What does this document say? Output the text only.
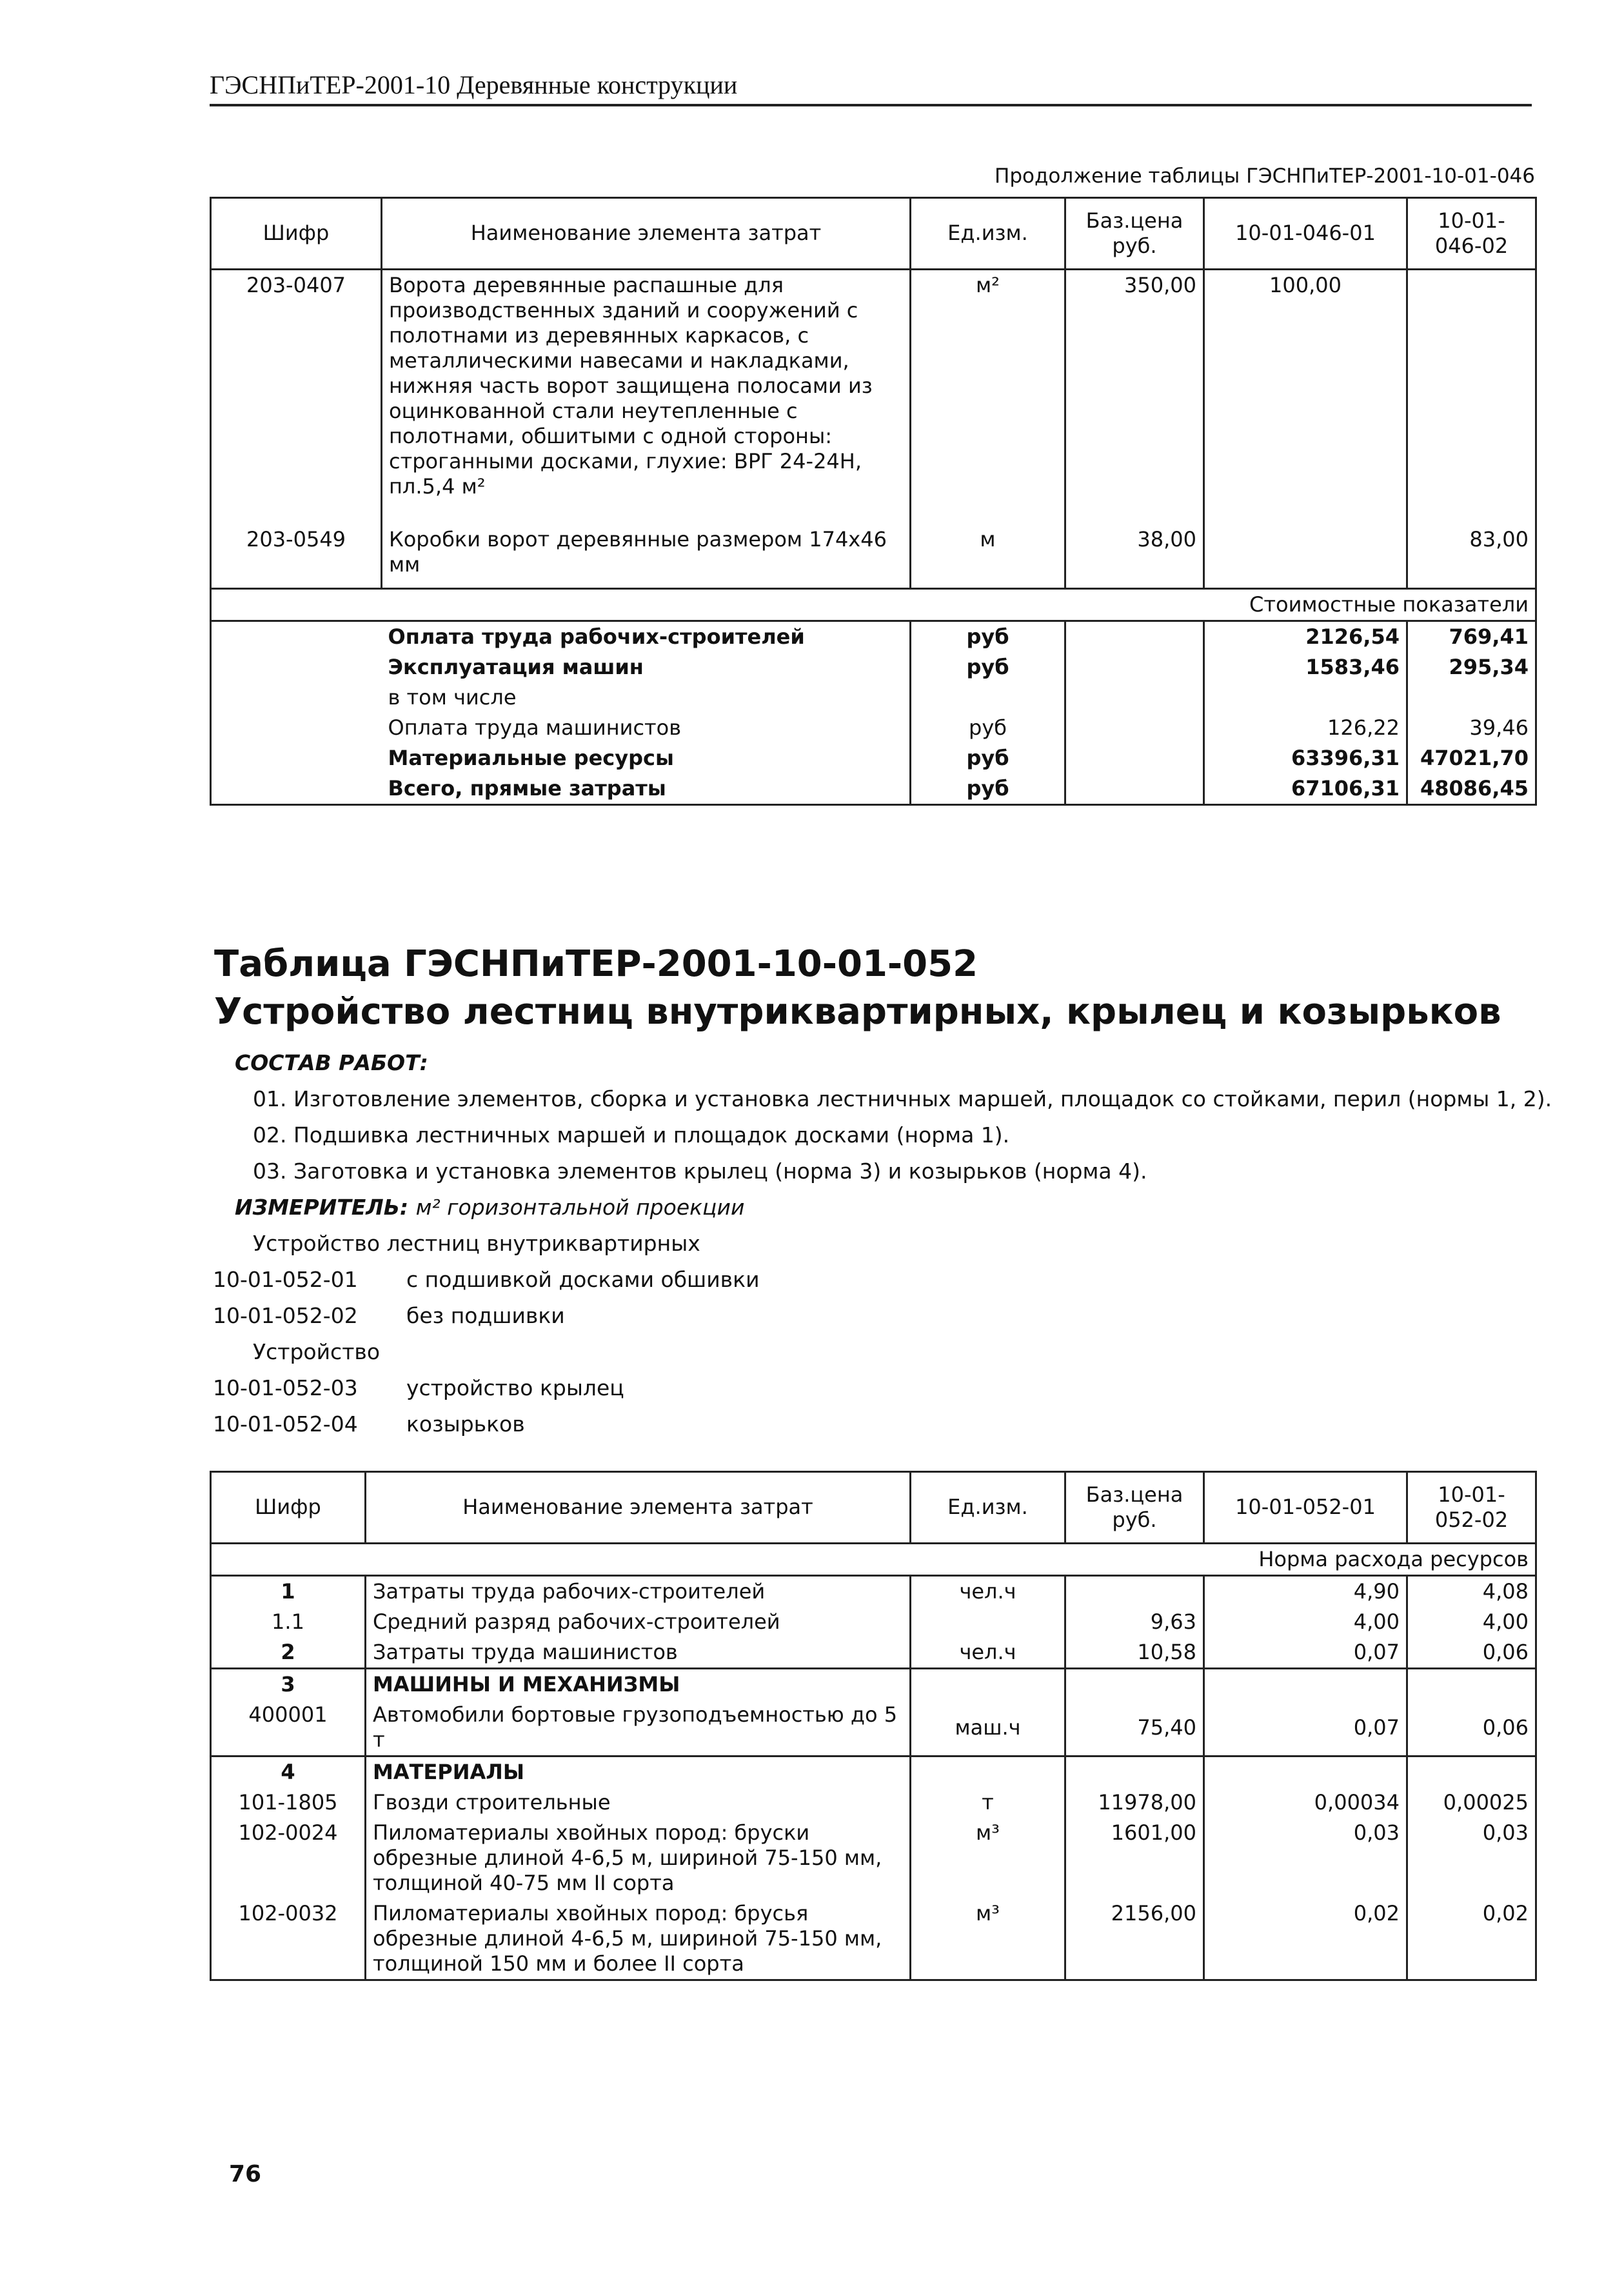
ГЭСНПиТЕР-2001-10 Деревянные конструкции
Продолжение таблицы ГЭСНПиТЕР-2001-10-01-046
Шифр	Наименование элемента затрат	Ед.изм.	Баз.цена руб.	10-01-046-01	10-01-046-02
203-0407	Ворота деревянные распашные для производственных зданий и сооружений с полотнами из деревянных каркасов, с металлическими навесами и накладками, нижняя часть ворот защищена полосами из оцинкованной стали неутепленные с полотнами, обшитыми с одной стороны: строганными досками, глухие: ВРГ 24-24Н, пл.5,4 м²	м²	350,00	100,00	
203-0549	Коробки ворот деревянные размером 174х46 мм	м	38,00		83,00
Стоимостные показатели					
	Оплата труда рабочих-строителей	руб		2126,54	769,41
	Эксплуатация машин	руб		1583,46	295,34
	в том числе				
	Оплата труда машинистов	руб		126,22	39,46
	Материальные ресурсы	руб		63396,31	47021,70
	Всего, прямые затраты	руб		67106,31	48086,45
Таблица ГЭСНПиТЕР-2001-10-01-052
Устройство лестниц внутриквартирных, крылец и козырьков
СОСТАВ РАБОТ:
01. Изготовление элементов, сборка и установка лестничных маршей, площадок со стойками, перил (нормы 1, 2).
02. Подшивка лестничных маршей и площадок досками (норма 1).
03. Заготовка и установка элементов крылец (норма 3) и козырьков (норма 4).
ИЗМЕРИТЕЛЬ: м² горизонтальной проекции
Устройство лестниц внутриквартирных
10-01-052-01	с подшивкой досками обшивки
10-01-052-02	без подшивки
Устройство
10-01-052-03	устройство крылец
10-01-052-04	козырьков
Шифр	Наименование элемента затрат	Ед.изм.	Баз.цена руб.	10-01-052-01	10-01-052-02
Норма расхода ресурсов					
1	Затраты труда рабочих-строителей	чел.ч		4,90	4,08
1.1	Средний разряд рабочих-строителей		9,63	4,00	4,00
2	Затраты труда машинистов	чел.ч	10,58	0,07	0,06
3	МАШИНЫ И МЕХАНИЗМЫ				
400001	Автомобили бортовые грузоподъемностью до 5 т	маш.ч	75,40	0,07	0,06
4	МАТЕРИАЛЫ				
101-1805	Гвозди строительные	т	11978,00	0,00034	0,00025
102-0024	Пиломатериалы хвойных пород: бруски обрезные длиной 4-6,5 м, шириной 75-150 мм, толщиной 40-75 мм II сорта	м³	1601,00	0,03	0,03
102-0032	Пиломатериалы хвойных пород: брусья обрезные длиной 4-6,5 м, шириной 75-150 мм, толщиной 150 мм и более II сорта	м³	2156,00	0,02	0,02
76
